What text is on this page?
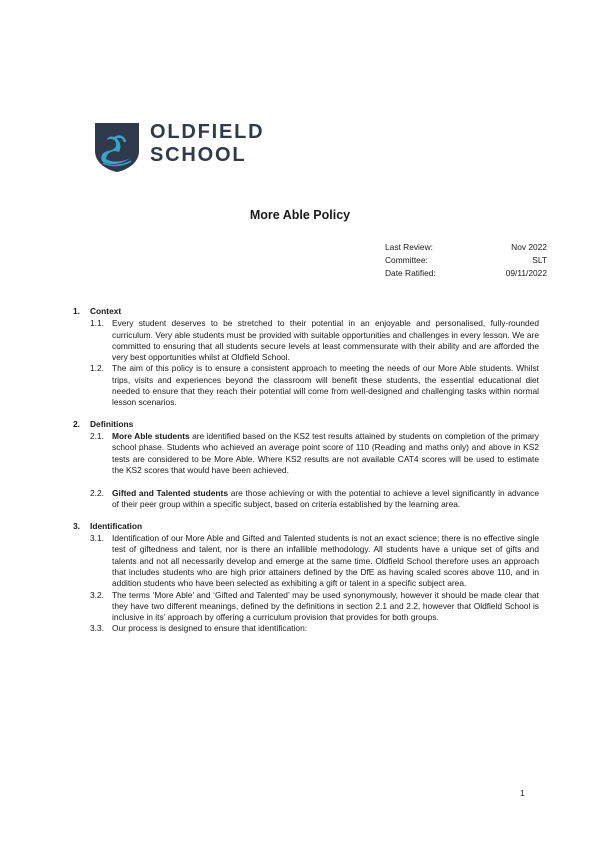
OLDFIELD
SCHOOL
More Able Policy
Last Review:	Nov 2022
Committee:	SLT
Date Ratified:	09/11/2022
1.	Context
1.1. Every student deserves to be stretched to their potential in an enjoyable and personalised, fully-rounded curriculum. Very able students must be provided with suitable opportunities and challenges in every lesson. We are committed to ensuring that all students secure levels at least commensurate with their ability and are afforded the very best opportunities whilst at Oldfield School.
1.2. The aim of this policy is to ensure a consistent approach to meeting the needs of our More Able students. Whilst trips, visits and experiences beyond the classroom will benefit these students, the essential educational diet needed to ensure that they reach their potential will come from well-designed and challenging tasks within normal lesson scenarios.
2.	Definitions
2.1. More Able students are identified based on the KS2 test results attained by students on completion of the primary school phase. Students who achieved an average point score of 110 (Reading and maths only) and above in KS2 tests are considered to be More Able. Where KS2 results are not available CAT4 scores will be used to estimate the KS2 scores that would have been achieved.
2.2. Gifted and Talented students are those achieving or with the potential to achieve a level significantly in advance of their peer group within a specific subject, based on criteria established by the learning area.
3.	Identification
3.1. Identification of our More Able and Gifted and Talented students is not an exact science; there is no effective single test of giftedness and talent, nor is there an infallible methodology. All students have a unique set of gifts and talents and not all necessarily develop and emerge at the same time. Oldfield School therefore uses an approach that includes students who are high prior attainers defined by the DfE as having scaled scores above 110, and in addition students who have been selected as exhibiting a gift or talent in a specific subject area.
3.2. The terms ‘More Able’ and ‘Gifted and Talented’ may be used synonymously, however it should be made clear that they have two different meanings, defined by the definitions in section 2.1 and 2.2, however that Oldfield School is inclusive in its’ approach by offering a curriculum provision that provides for both groups.
3.3. Our process is designed to ensure that identification:
1
